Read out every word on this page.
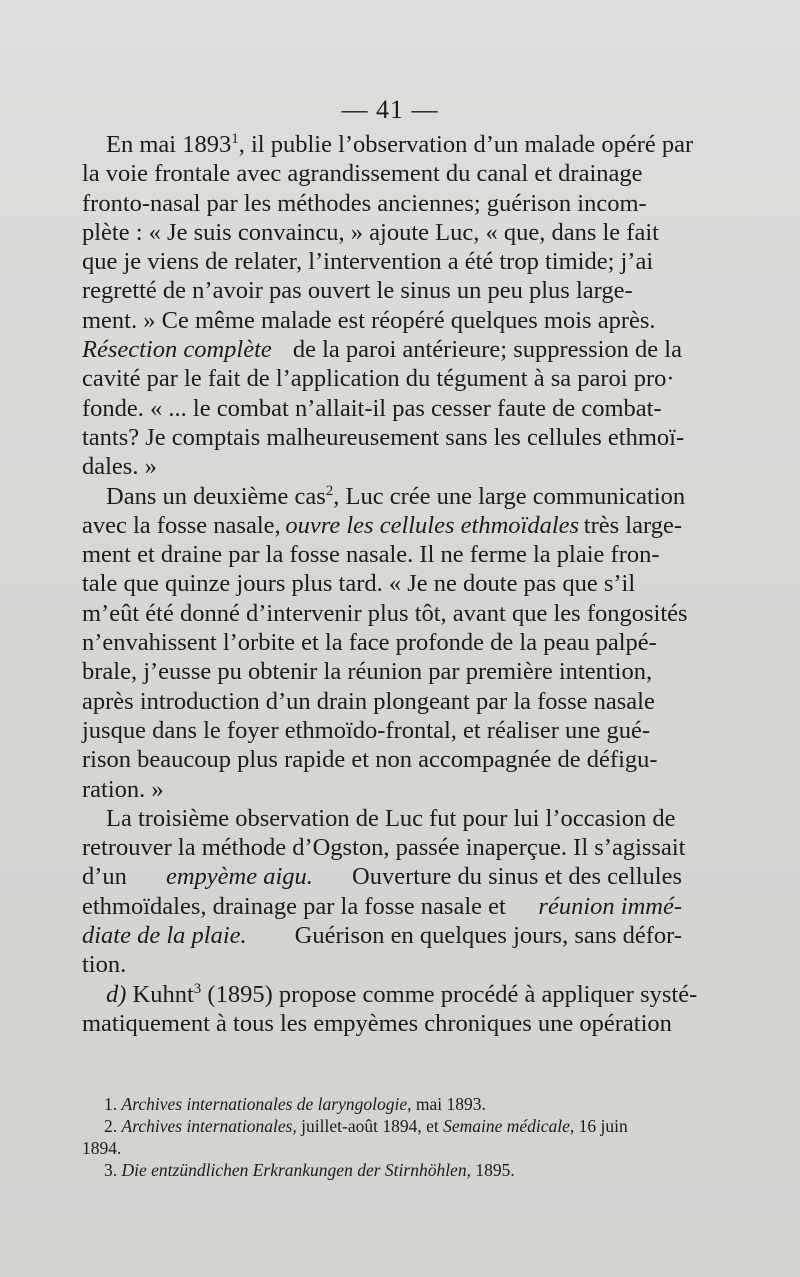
— 41 —
En mai 1893$^1$, il publie l’observation d’un malade opéré par
la voie frontale avec agrandissement du canal et drainage
fronto-nasal par les méthodes anciennes; guérison incom-
plète : « Je suis convaincu, » ajoute Luc, « que, dans le fait
que je viens de relater, l’intervention a été trop timide; j’ai
regretté de n’avoir pas ouvert le sinus un peu plus large-
ment. » Ce même malade est réopéré quelques mois après.
Résection complète de la paroi antérieure; suppression de la
cavité par le fait de l’application du tégument à sa paroi pro·
fonde. « ... le combat n’allait-il pas cesser faute de combat-
tants? Je comptais malheureusement sans les cellules ethmoï-
dales. »
Dans un deuxième cas$^2$, Luc crée une large communication
avec la fosse nasale, ouvre les cellules ethmoïdales très large-
ment et draine par la fosse nasale. Il ne ferme la plaie fron-
tale que quinze jours plus tard. « Je ne doute pas que s’il
m’eût été donné d’intervenir plus tôt, avant que les fongosités
n’envahissent l’orbite et la face profonde de la peau palpé-
brale, j’eusse pu obtenir la réunion par première intention,
après introduction d’un drain plongeant par la fosse nasale
jusque dans le foyer ethmoïdo-frontal, et réaliser une gué-
rison beaucoup plus rapide et non accompagnée de défigu-
ration. »
La troisième observation de Luc fut pour lui l’occasion de
retrouver la méthode d’Ogston, passée inaperçue. Il s’agissait
d’un empyème aigu. Ouverture du sinus et des cellules
ethmoïdales, drainage par la fosse nasale et réunion immé-
diate de la plaie. Guérison en quelques jours, sans défor-
tion.
d) Kuhnt$^3$ (1895) propose comme procédé à appliquer systé-
matiquement à tous les empyèmes chroniques une opération
1. Archives internationales de laryngologie, mai 1893.
2. Archives internationales, juillet-août 1894, et Semaine médicale, 16 juin
1894.
3. Die entzündlichen Erkrankungen der Stirnhöhlen, 1895.
